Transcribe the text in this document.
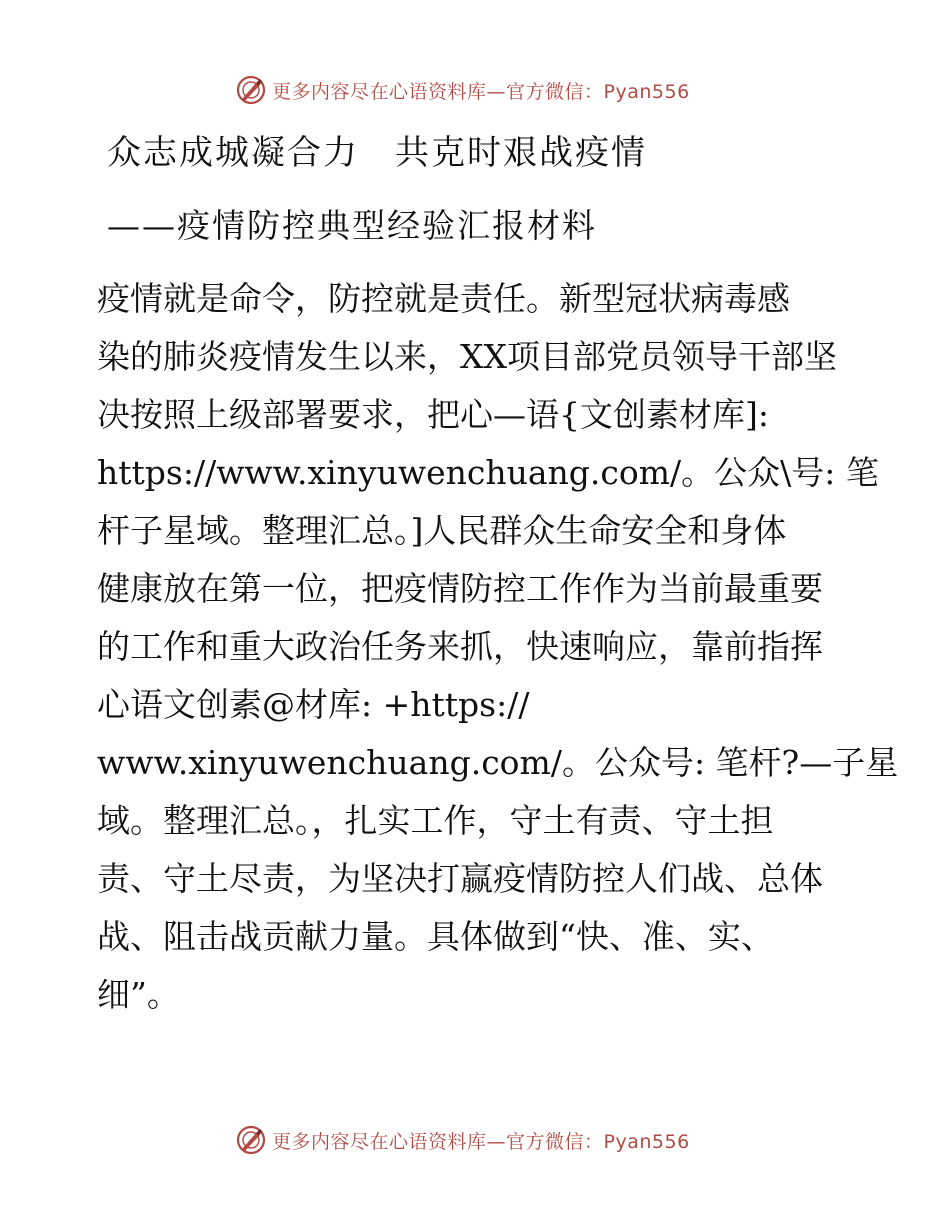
更多内容尽在心语资料库—官方微信：Pyan556
众志成城凝合力　共克时艰战疫情
——疫情防控典型经验汇报材料
疫情就是命令，防控就是责任。新型冠状病毒感
染的肺炎疫情发生以来，XX项目部党员领导干部坚
决按照上级部署要求，把心—语{文创素材库]:
https://www.xinyuwenchuang.com/。公众\号: 笔
杆子星域。整理汇总。]人民群众生命安全和身体
健康放在第一位，把疫情防控工作作为当前最重要
的工作和重大政治任务来抓，快速响应，靠前指挥
心语文创素@材库: +https://
www.xinyuwenchuang.com/。公众号: 笔杆?—子星
域。整理汇总。，扎实工作，守土有责、守土担
责、守土尽责，为坚决打赢疫情防控人们战、总体
战、阻击战贡献力量。具体做到“快、准、实、
细”。
更多内容尽在心语资料库—官方微信：Pyan556
